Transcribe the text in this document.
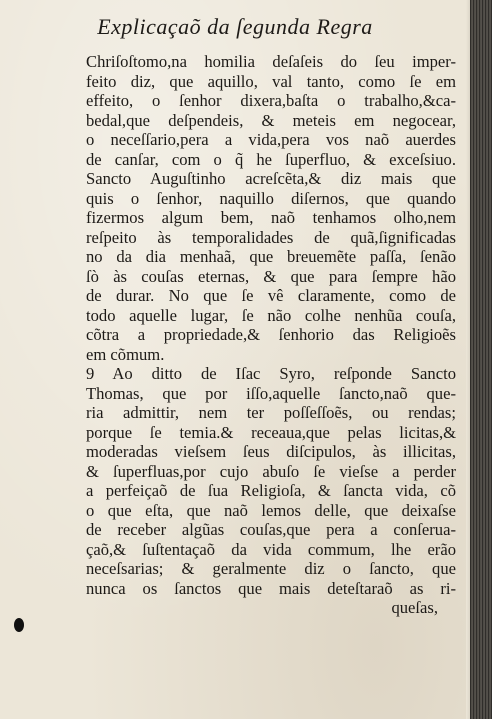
Explicaçaõ da ſegunda Regra
Chriſoſtomo,na homilia deſaſeis do ſeu imper-
feito diz, que aquillo, val tanto, como ſe em
effeito, o ſenhor dixera,baſta o trabalho,&ca-
bedal,que deſpendeis, & meteis em negocear,
o neceſſario,pera a vida,pera vos naõ auerdes
de canſar, com o q̃ he ſuperfluo, & exceſsiuo.
Sancto Auguſtinho acreſcẽta,& diz mais que
quis o ſenhor, naquillo diſernos, que quando
fizermos algum bem, naõ tenhamos olho,nem
reſpeito às temporalidades de quã,ſignificadas
no da dia menhaã, que breuemẽte paſſa, ſenão
ſò às couſas eternas, & que para ſempre hão
de durar. No que ſe vê claramente, como de
todo aquelle lugar, ſe não colhe nenhũa couſa,
cõtra a propriedade,& ſenhorio das Religioẽs
em cõmum.
9 Ao ditto de Iſac Syro, reſponde Sancto
Thomas, que por iſſo,aquelle ſancto,naõ que-
ria admittir, nem ter poſſeſſoẽs, ou rendas;
porque ſe temia.& receaua,que pelas licitas,&
moderadas vieſsem ſeus diſcipulos, às illicitas,
& ſuperfluas,por cujo abuſo ſe vieſse a perder
a perfeiçaõ de ſua Religioſa, & ſancta vida, cõ
o que eſta, que naõ lemos delle, que deixaſse
de receber algũas couſas,que pera a conſerua-
çaõ,& ſuſtentaçaõ da vida commum, lhe erão
neceſsarias; & geralmente diz o ſancto, que
nunca os ſanctos que mais deteſtaraõ as ri-
queſas,
